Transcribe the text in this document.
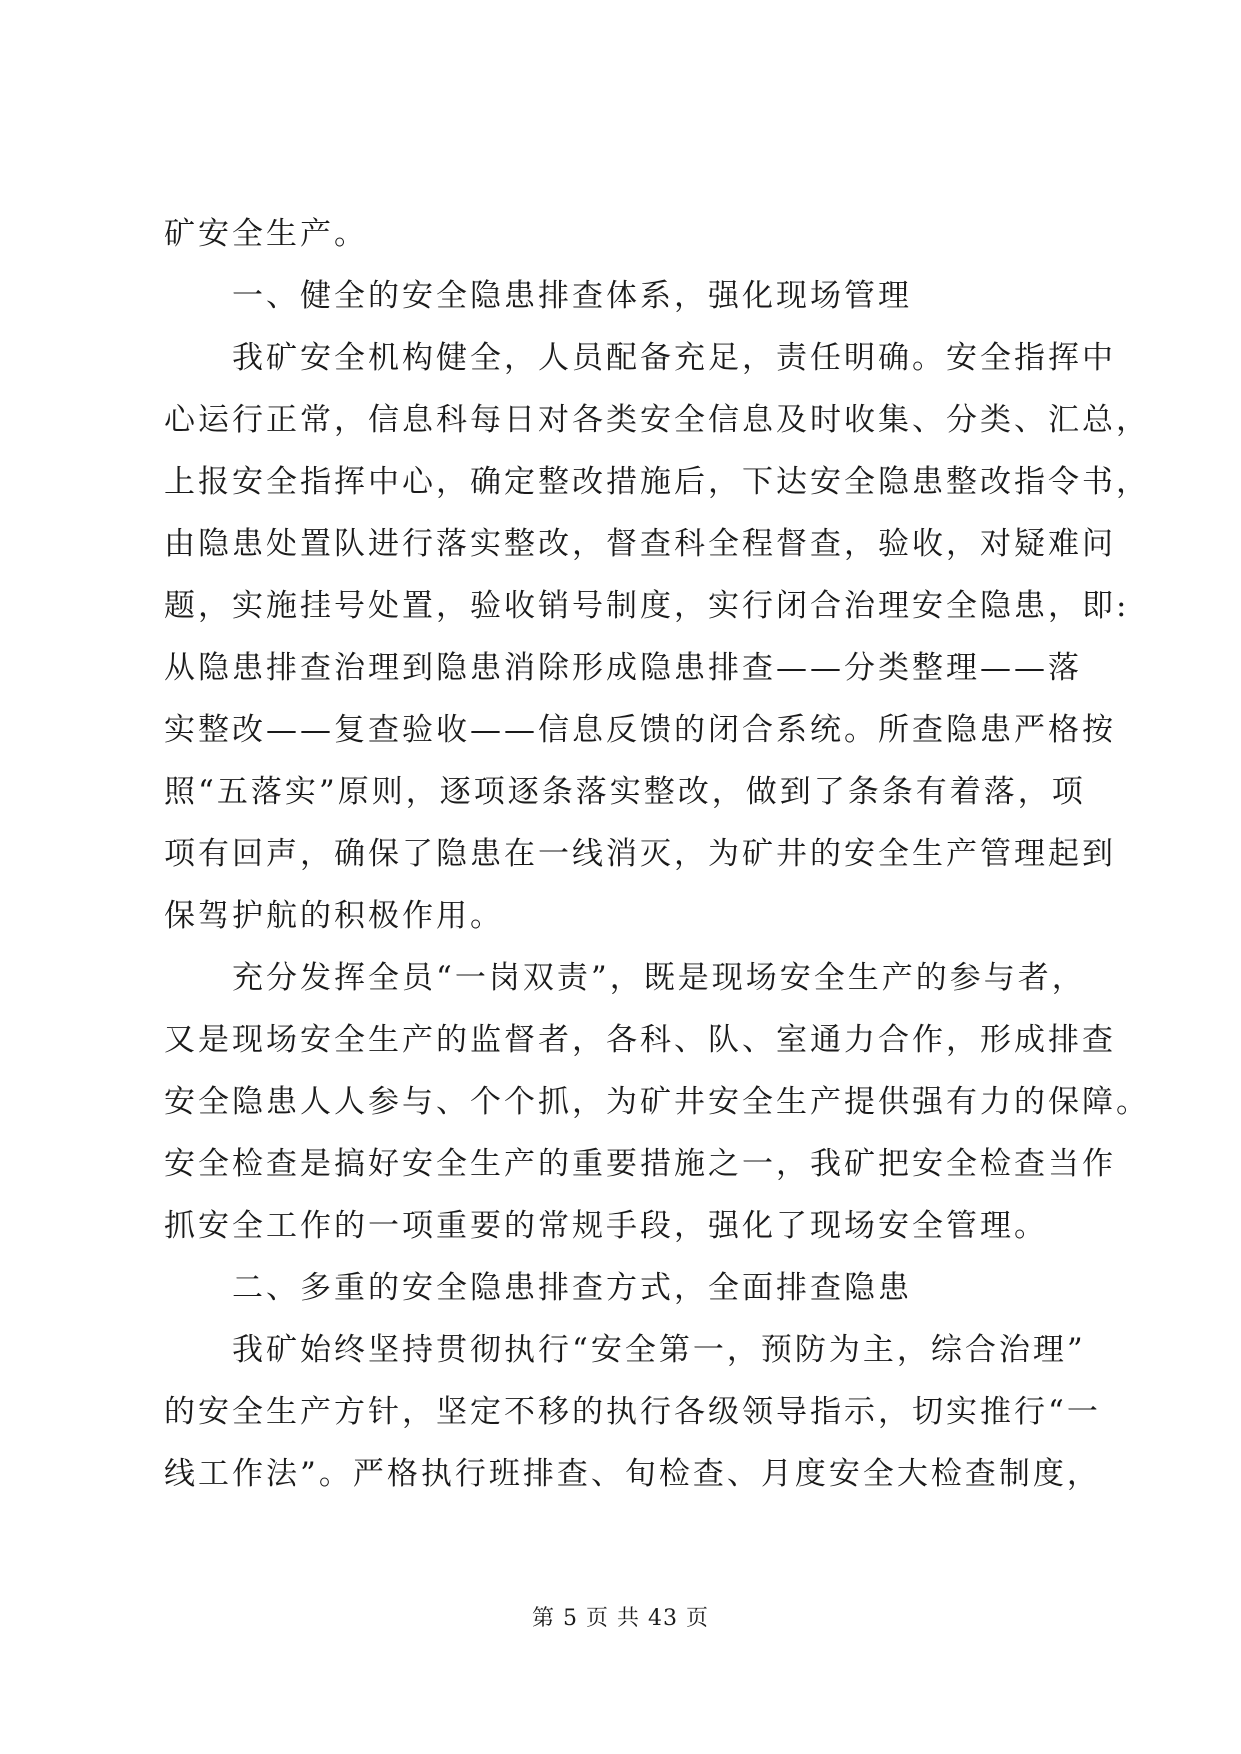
矿安全生产。
一、健全的安全隐患排查体系，强化现场管理
我矿安全机构健全，人员配备充足，责任明确。安全指挥中
心运行正常，信息科每日对各类安全信息及时收集、分类、汇总，
上报安全指挥中心，确定整改措施后，下达安全隐患整改指令书，
由隐患处置队进行落实整改，督查科全程督查，验收，对疑难问
题，实施挂号处置，验收销号制度，实行闭合治理安全隐患，即:
从隐患排查治理到隐患消除形成隐患排查——分类整理——落
实整改——复查验收——信息反馈的闭合系统。所查隐患严格按
照“五落实”原则，逐项逐条落实整改，做到了条条有着落，项
项有回声，确保了隐患在一线消灭，为矿井的安全生产管理起到
保驾护航的积极作用。
充分发挥全员“一岗双责”，既是现场安全生产的参与者，
又是现场安全生产的监督者，各科、队、室通力合作，形成排查
安全隐患人人参与、个个抓，为矿井安全生产提供强有力的保障。
安全检查是搞好安全生产的重要措施之一，我矿把安全检查当作
抓安全工作的一项重要的常规手段，强化了现场安全管理。
二、多重的安全隐患排查方式，全面排查隐患
我矿始终坚持贯彻执行“安全第一，预防为主，综合治理”
的安全生产方针，坚定不移的执行各级领导指示，切实推行“一
线工作法”。严格执行班排查、旬检查、月度安全大检查制度，
第 5 页 共 43 页
